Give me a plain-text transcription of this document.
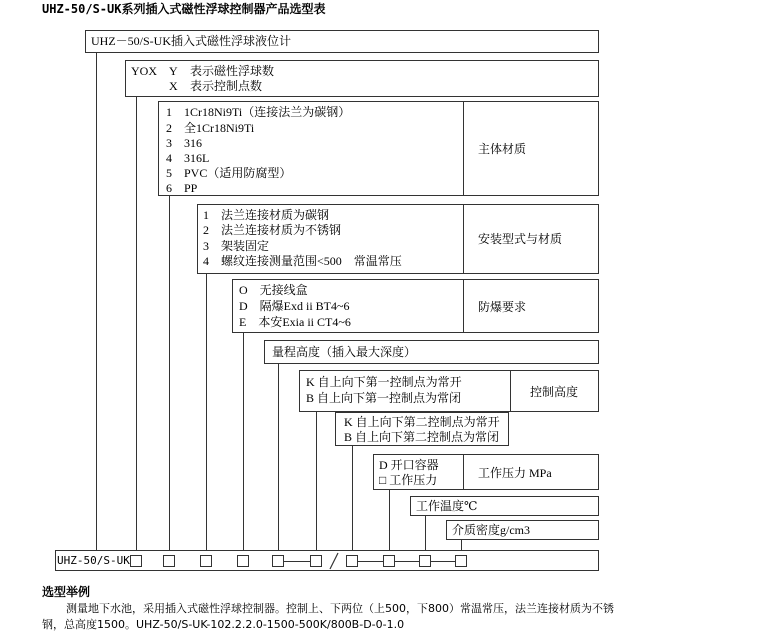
UHZ-50/S-UK系列插入式磁性浮球控制器产品选型表
UHZ－50/S-UK插入式磁性浮球液位计
YOX Y 表示磁性浮球数
X 表示控制点数
1　1Cr18Ni9Ti（连接法兰为碳钢）
2　全1Cr18Ni9Ti
3　316
4　316L
5　PVC（适用防腐型）
6　PP
主体材质
1　法兰连接材质为碳钢
2　法兰连接材质为不锈钢
3　架装固定
4　螺纹连接测量范围<500　常温常压
安装型式与材质
O　无接线盒
D　隔爆Exd ii BT4~6
E　本安Exia ii CT4~6
防爆要求
量程高度（插入最大深度）
K 自上向下第一控制点为常开
B 自上向下第一控制点为常闭	控制高度
K 自上向下第二控制点为常开
B 自上向下第二控制点为常闭
D 开口容器
□ 工作压力	工作压力 MPa
工作温度℃
介质密度g/cm3
UHZ-50/S-UK
选型举例
测量地下水池，采用插入式磁性浮球控制器。控制上、下两位（上500，下800）常温常压，法兰连接材质为不锈
钢，总高度1500。UHZ-50/S-UK-102.2.2.0-1500-500K/800B-D-0-1.0
